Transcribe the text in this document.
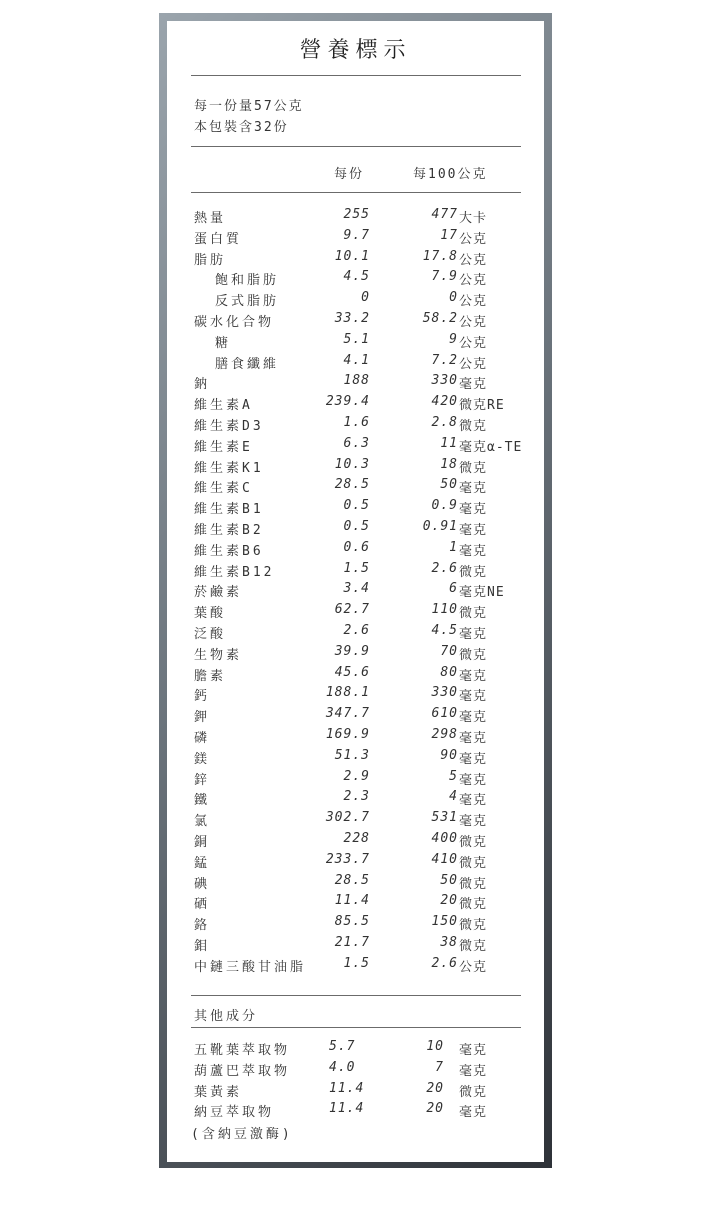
營養標示
每一份量57公克
本包裝含32份
每份	每100公克
熱量	255	477 大卡
蛋白質	9.7	17 公克
脂肪	10.1	17.8 公克
飽和脂肪	4.5	7.9 公克
反式脂肪	0	0 公克
碳水化合物	33.2	58.2 公克
糖	5.1	9 公克
膳食纖維	4.1	7.2 公克
鈉	188	330 毫克
維生素A	239.4	420 微克RE
維生素D3	1.6	2.8 微克
維生素E	6.3	11 毫克α-TE
維生素K1	10.3	18 微克
維生素C	28.5	50 毫克
維生素B1	0.5	0.9 毫克
維生素B2	0.5	0.91 毫克
維生素B6	0.6	1 毫克
維生素B12	1.5	2.6 微克
菸鹼素	3.4	6 毫克NE
葉酸	62.7	110 微克
泛酸	2.6	4.5 毫克
生物素	39.9	70 微克
膽素	45.6	80 毫克
鈣	188.1	330 毫克
鉀	347.7	610 毫克
磷	169.9	298 毫克
鎂	51.3	90 毫克
鋅	2.9	5 毫克
鐵	2.3	4 毫克
氯	302.7	531 毫克
銅	228	400 微克
錳	233.7	410 微克
碘	28.5	50 微克
硒	11.4	20 微克
鉻	85.5	150 微克
鉬	21.7	38 微克
中鏈三酸甘油脂	1.5	2.6 公克
其他成分
五靴葉萃取物	5.7	10 毫克
葫蘆巴萃取物	4.0	7 毫克
葉黃素	11.4	20 微克
納豆萃取物	11.4	20 毫克
(含納豆激酶)
